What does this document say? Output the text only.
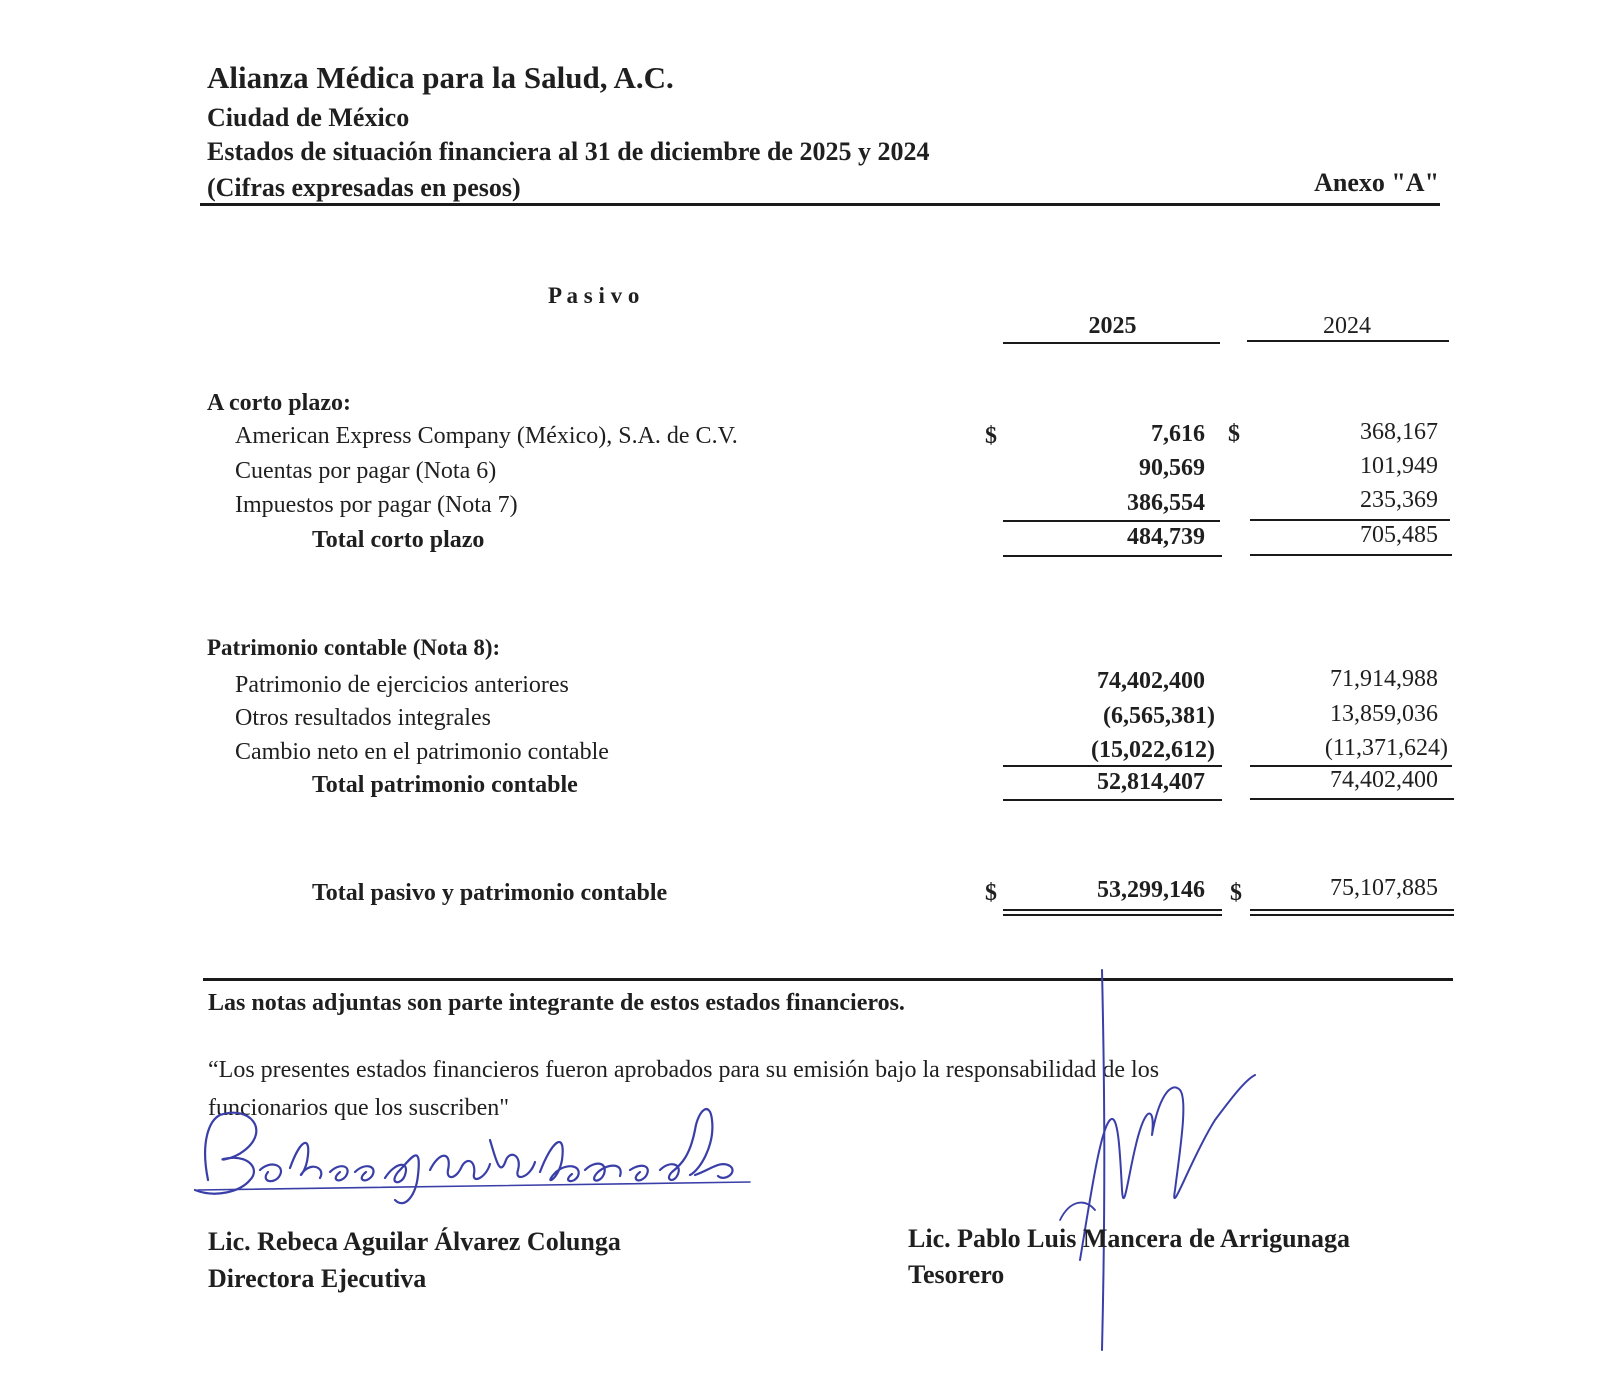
Alianza Médica para la Salud, A.C.
Ciudad de México
Estados de situación financiera al 31 de diciembre de 2025 y 2024
(Cifras expresadas en pesos)	Anexo "A"
P a s i v o
2025	2024
A corto plazo:
American Express Company (México), S.A. de C.V.	$	7,616 $	368,167
Cuentas por pagar (Nota 6)	90,569	101,949
Impuestos por pagar (Nota 7)	386,554	235,369
Total corto plazo	484,739	705,485
Patrimonio contable (Nota 8):
Patrimonio de ejercicios anteriores	74,402,400	71,914,988
Otros resultados integrales	(6,565,381)	13,859,036
Cambio neto en el patrimonio contable	(15,022,612)	(11,371,624)
Total patrimonio contable	52,814,407	74,402,400
Total pasivo y patrimonio contable	$	53,299,146 $	75,107,885
Las notas adjuntas son parte integrante de estos estados financieros.
“Los presentes estados financieros fueron aprobados para su emisión bajo la responsabilidad de los
funcionarios que los suscriben"
Lic. Rebeca Aguilar Álvarez Colunga
Directora Ejecutiva
Lic. Pablo Luis Mancera de Arrigunaga
Tesorero
